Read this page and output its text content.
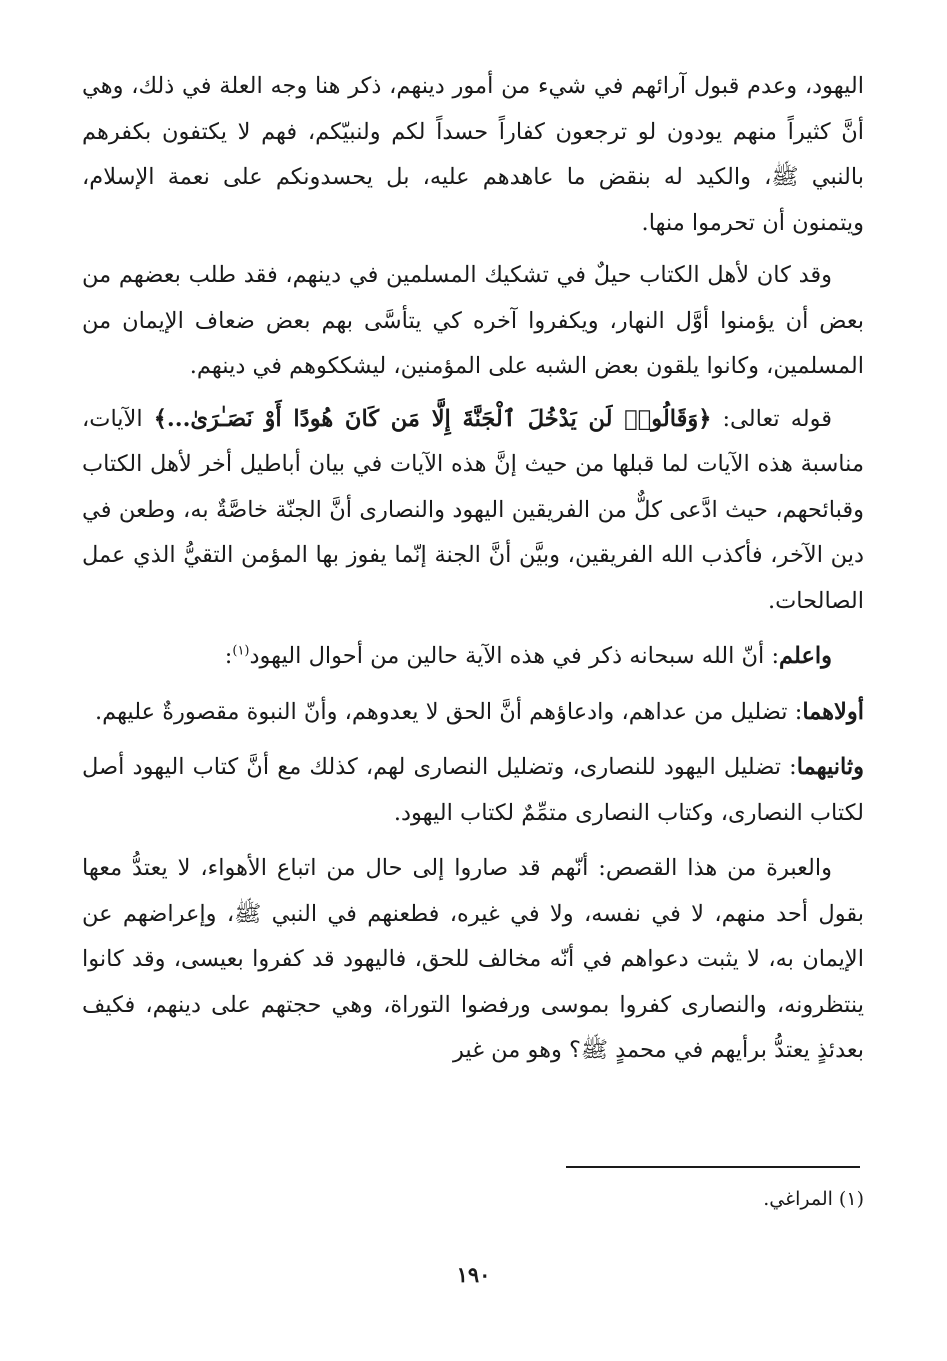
اليهود، وعدم قبول آرائهم في شيء من أمور دينهم، ذكر هنا وجه العلة في ذلك، وهي أنَّ كثيراً منهم يودون لو ترجعون كفاراً حسداً لكم ولنبيّكم، فهم لا يكتفون بكفرهم بالنبي ﷺ، والكيد له بنقض ما عاهدهم عليه، بل يحسدونكم على نعمة الإسلام، ويتمنون أن تحرموا منها.

وقد كان لأهل الكتاب حيلٌ في تشكيك المسلمين في دينهم، فقد طلب بعضهم من بعض أن يؤمنوا أوَّل النهار، ويكفروا آخره كي يتأسَّى بهم بعض ضعاف الإيمان من المسلمين، وكانوا يلقون بعض الشبه على المؤمنين، ليشككوهم في دينهم.

قوله تعالى: ﴿وَقَالُوا۟ لَن يَدْخُلَ ٱلْجَنَّةَ إِلَّا مَن كَانَ هُودًا أَوْ نَصَـٰرَىٰ...﴾ الآيات، مناسبة هذه الآيات لما قبلها من حيث إنَّ هذه الآيات في بيان أباطيل أخر لأهل الكتاب وقبائحهم، حيث ادَّعى كلٌّ من الفريقين اليهود والنصارى أنَّ الجنّة خاصَّةٌ به، وطعن في دين الآخر، فأكذب الله الفريقين، وبيَّن أنَّ الجنة إنّما يفوز بها المؤمن التقيُّ الذي عمل الصالحات.

واعلم: أنّ الله سبحانه ذكر في هذه الآية حالين من أحوال اليهود$^{(١)}$:

أولاهما: تضليل من عداهم، وادعاؤهم أنَّ الحق لا يعدوهم، وأنّ النبوة مقصورةٌ عليهم.

وثانيهما: تضليل اليهود للنصارى، وتضليل النصارى لهم، كذلك مع أنَّ كتاب اليهود أصل لكتاب النصارى، وكتاب النصارى متمِّمٌ لكتاب اليهود.

والعبرة من هذا القصص: أنّهم قد صاروا إلى حال من اتباع الأهواء، لا يعتدُّ معها بقول أحد منهم، لا في نفسه، ولا في غيره، فطعنهم في النبي ﷺ، وإعراضهم عن الإيمان به، لا يثبت دعواهم في أنّه مخالف للحق، فاليهود قد كفروا بعيسى، وقد كانوا ينتظرونه، والنصارى كفروا بموسى ورفضوا التوراة، وهي حجتهم على دينهم، فكيف بعدئذٍ يعتدُّ برأيهم في محمدٍ ﷺ؟ وهو من غير

(١) المراغي.
١٩٠
